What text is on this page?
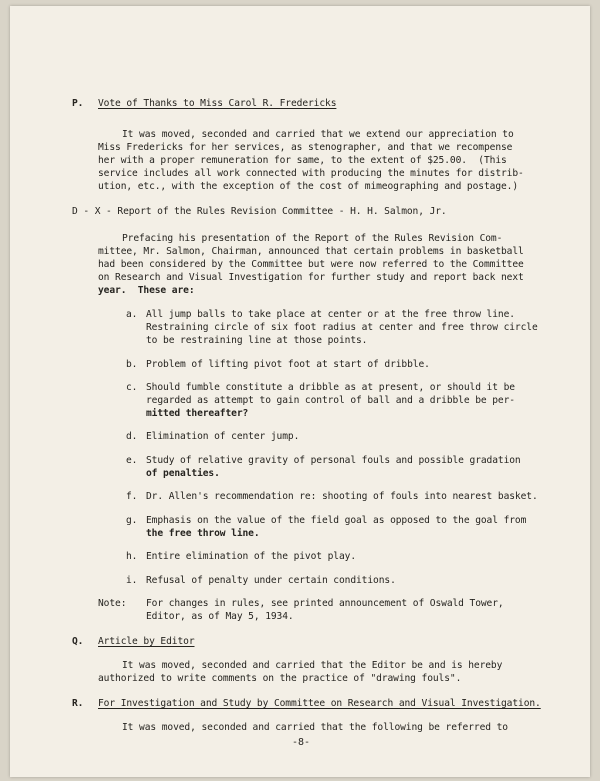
P. Vote of Thanks to Miss Carol R. Fredericks
It was moved, seconded and carried that we extend our appreciation to
Miss Fredericks for her services, as stenographer, and that we recompense
her with a proper remuneration for same, to the extent of $25.00.  (This
service includes all work connected with producing the minutes for distrib-
ution, etc., with the exception of the cost of mimeographing and postage.)
D - X - Report of the Rules Revision Committee - H. H. Salmon, Jr.
Prefacing his presentation of the Report of the Rules Revision Com-
mittee, Mr. Salmon, Chairman, announced that certain problems in basketball
had been considered by the Committee but were now referred to the Committee
on Research and Visual Investigation for further study and report back next
year.  These are:
a. All jump balls to take place at center or at the free throw line.
Restraining circle of six foot radius at center and free throw circle
to be restraining line at those points.
b. Problem of lifting pivot foot at start of dribble.
c. Should fumble constitute a dribble as at present, or should it be
regarded as attempt to gain control of ball and a dribble be per-
mitted thereafter?
d. Elimination of center jump.
e. Study of relative gravity of personal fouls and possible gradation
of penalties.
f. Dr. Allen's recommendation re: shooting of fouls into nearest basket.
g. Emphasis on the value of the field goal as opposed to the goal from
the free throw line.
h. Entire elimination of the pivot play.
i. Refusal of penalty under certain conditions.
Note: For changes in rules, see printed announcement of Oswald Tower,
Editor, as of May 5, 1934.
Q. Article by Editor
It was moved, seconded and carried that the Editor be and is hereby
authorized to write comments on the practice of "drawing fouls".
R. For Investigation and Study by Committee on Research and Visual Investigation.
It was moved, seconded and carried that the following be referred to
-8-
